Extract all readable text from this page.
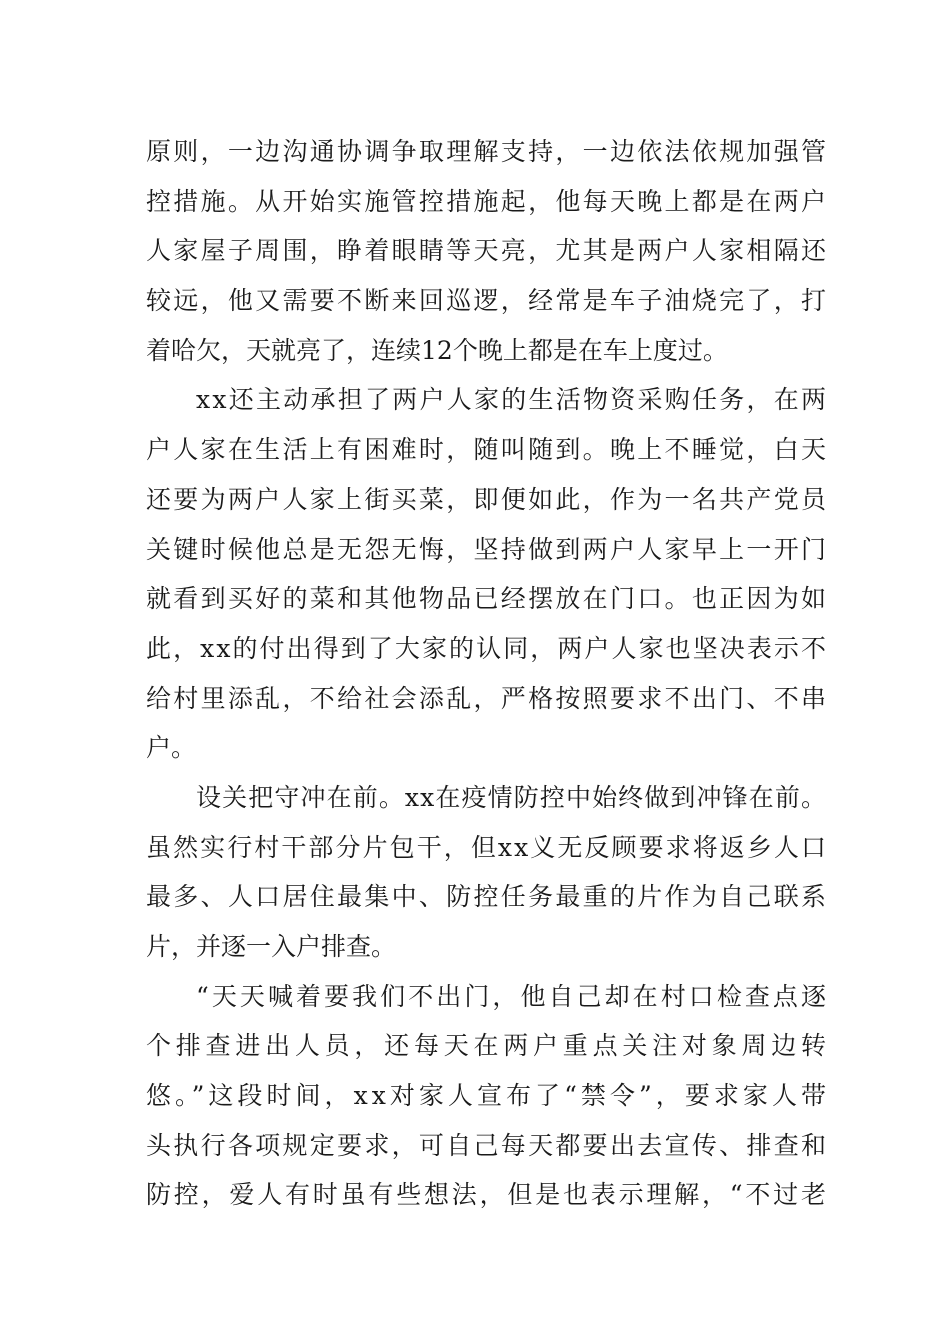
原则，一边沟通协调争取理解支持，一边依法依规加强管
控措施。从开始实施管控措施起，他每天晚上都是在两户
人家屋子周围，睁着眼睛等天亮，尤其是两户人家相隔还
较远，他又需要不断来回巡逻，经常是车子油烧完了，打
着哈欠，天就亮了，连续12个晚上都是在车上度过。
xx还主动承担了两户人家的生活物资采购任务，在两
户人家在生活上有困难时，随叫随到。晚上不睡觉，白天
还要为两户人家上街买菜，即便如此，作为一名共产党员
关键时候他总是无怨无悔，坚持做到两户人家早上一开门
就看到买好的菜和其他物品已经摆放在门口。也正因为如
此，xx的付出得到了大家的认同，两户人家也坚决表示不
给村里添乱，不给社会添乱，严格按照要求不出门、不串
户。
设关把守冲在前。xx在疫情防控中始终做到冲锋在前。
虽然实行村干部分片包干，但xx义无反顾要求将返乡人口
最多、人口居住最集中、防控任务最重的片作为自己联系
片，并逐一入户排查。
“天天喊着要我们不出门，他自己却在村口检查点逐
个排查进出人员，还每天在两户重点关注对象周边转
悠。”这段时间，xx对家人宣布了“禁令”，要求家人带
头执行各项规定要求，可自己每天都要出去宣传、排查和
防控，爱人有时虽有些想法，但是也表示理解，“不过老
